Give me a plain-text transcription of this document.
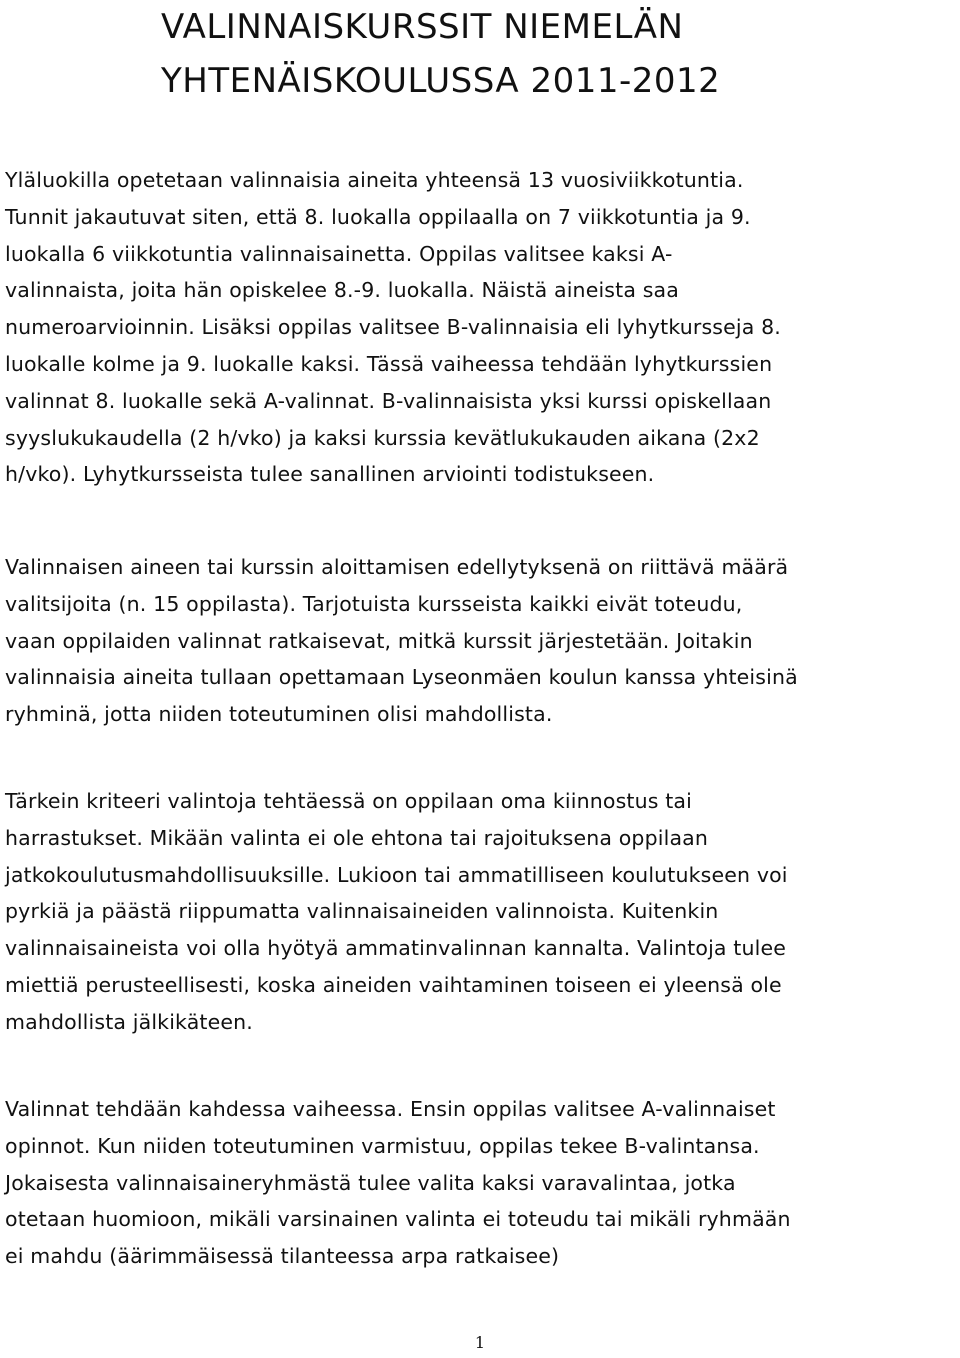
VALINNAISKURSSIT NIEMELÄN
YHTENÄISKOULUSSA 2011-2012

Yläluokilla opetetaan valinnaisia aineita yhteensä 13 vuosiviikkotuntia.
Tunnit jakautuvat siten, että 8. luokalla oppilaalla on 7 viikkotuntia ja 9.
luokalla 6 viikkotuntia valinnaisainetta. Oppilas valitsee kaksi A-
valinnaista, joita hän opiskelee 8.-9. luokalla. Näistä aineista saa
numeroarvioinnin. Lisäksi oppilas valitsee B-valinnaisia eli lyhytkursseja 8.
luokalle kolme ja 9. luokalle kaksi. Tässä vaiheessa tehdään lyhytkurssien
valinnat 8. luokalle sekä A-valinnat. B-valinnaisista yksi kurssi opiskellaan
syyslukukaudella (2 h/vko) ja kaksi kurssia kevätlukukauden aikana (2x2
h/vko). Lyhytkursseista tulee sanallinen arviointi todistukseen.

Valinnaisen aineen tai kurssin aloittamisen edellytyksenä on riittävä määrä
valitsijoita (n. 15 oppilasta). Tarjotuista kursseista kaikki eivät toteudu,
vaan oppilaiden valinnat ratkaisevat, mitkä kurssit järjestetään. Joitakin
valinnaisia aineita tullaan opettamaan Lyseonmäen koulun kanssa yhteisinä
ryhminä, jotta niiden toteutuminen olisi mahdollista.

Tärkein kriteeri valintoja tehtäessä on oppilaan oma kiinnostus tai
harrastukset. Mikään valinta ei ole ehtona tai rajoituksena oppilaan
jatkokoulutusmahdollisuuksille. Lukioon tai ammatilliseen koulutukseen voi
pyrkiä ja päästä riippumatta valinnaisaineiden valinnoista. Kuitenkin
valinnaisaineista voi olla hyötyä ammatinvalinnan kannalta. Valintoja tulee
miettiä perusteellisesti, koska aineiden vaihtaminen toiseen ei yleensä ole
mahdollista jälkikäteen.

Valinnat tehdään kahdessa vaiheessa. Ensin oppilas valitsee A-valinnaiset
opinnot. Kun niiden toteutuminen varmistuu, oppilas tekee B-valintansa.
Jokaisesta valinnaisaineryhmästä tulee valita kaksi varavalintaa, jotka
otetaan huomioon, mikäli varsinainen valinta ei toteudu tai mikäli ryhmään
ei mahdu (äärimmäisessä tilanteessa arpa ratkaisee)

1
